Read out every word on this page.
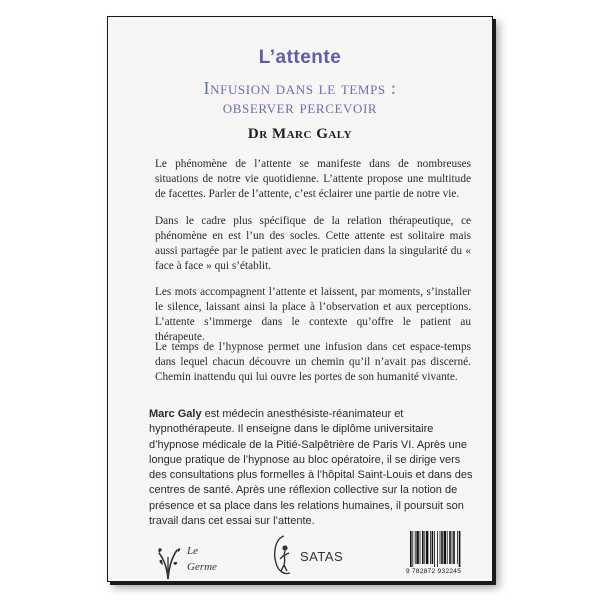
L’attente
Infusion dans le temps :
observer percevoir
Dr Marc Galy

Le phénomène de l’attente se manifeste dans de nombreuses situations de notre vie quotidienne. L’attente propose une multitude de facettes. Parler de l’attente, c’est éclairer une partie de notre vie.

Dans le cadre plus spécifique de la relation thérapeutique, ce phénomène en est l’un des socles. Cette attente est solitaire mais aussi partagée par le patient avec le praticien dans la singularité du « face à face » qui s’établit.

Les mots accompagnent l’attente et laissent, par moments, s’installer le silence, laissant ainsi la place à l’observation et aux perceptions. L’attente s’immerge dans le contexte qu’offre le patient au thérapeute.

Le temps de l’hypnose permet une infusion dans cet espace-temps dans lequel chacun découvre un chemin qu’il n’avait pas discerné. Chemin inattendu qui lui ouvre les portes de son humanité vivante.

Marc Galy est médecin anesthésiste-réanimateur et hypnothérapeute. Il enseigne dans le diplôme universitaire d’hypnose médicale de la Pitié-Salpêtrière de Paris VI. Après une longue pratique de l’hypnose au bloc opératoire, il se dirige vers des consultations plus formelles à l’hôpital Saint-Louis et dans des centres de santé. Après une réflexion collective sur la notion de présence et sa place dans les relations humaines, il poursuit son travail dans cet essai sur l’attente.

Le
Germe
SATAS
9 782872 932245
